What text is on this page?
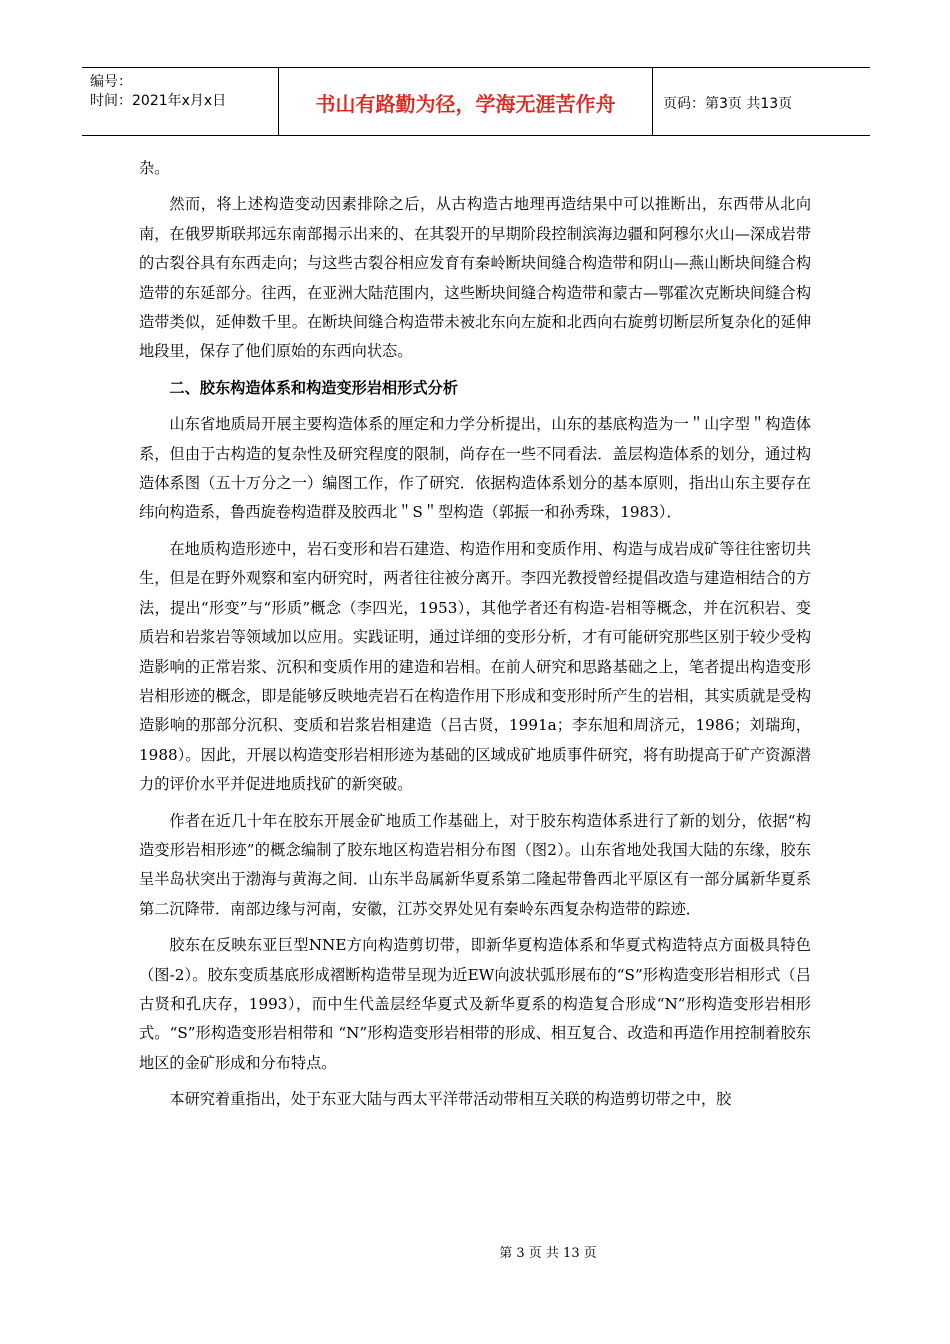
编号：
时间：2021年x月x日	书山有路勤为径，学海无涯苦作舟	页码：第3页 共13页

杂。

然而，将上述构造变动因素排除之后，从古构造古地理再造结果中可以推断出，东西带从北向南，在俄罗斯联邦远东南部揭示出来的、在其裂开的早期阶段控制滨海边疆和阿穆尔火山—深成岩带的古裂谷具有东西走向；与这些古裂谷相应发育有秦岭断块间缝合构造带和阴山—燕山断块间缝合构造带的东延部分。往西，在亚洲大陆范围内，这些断块间缝合构造带和蒙古—鄂霍次克断块间缝合构造带类似，延伸数千里。在断块间缝合构造带未被北东向左旋和北西向右旋剪切断层所复杂化的延伸地段里，保存了他们原始的东西向状态。

二、胶东构造体系和构造变形岩相形式分析

山东省地质局开展主要构造体系的厘定和力学分析提出，山东的基底构造为一＂山字型＂构造体系，但由于古构造的复杂性及研究程度的限制，尚存在一些不同看法．盖层构造体系的划分，通过构造体系图（五十万分之一）编图工作，作了研究．依据构造体系划分的基本原则，指出山东主要存在纬向构造系，鲁西旋卷构造群及胶西北＂S＂型构造（郭振一和孙秀珠，1983）．

在地质构造形迹中，岩石变形和岩石建造、构造作用和变质作用、构造与成岩成矿等往往密切共生，但是在野外观察和室内研究时，两者往往被分离开。李四光教授曾经提倡改造与建造相结合的方法，提出“形变”与“形质”概念（李四光，1953），其他学者还有构造-岩相等概念，并在沉积岩、变质岩和岩浆岩等领域加以应用。实践证明，通过详细的变形分析，才有可能研究那些区别于较少受构造影响的正常岩浆、沉积和变质作用的建造和岩相。在前人研究和思路基础之上，笔者提出构造变形岩相形迹的概念，即是能够反映地壳岩石在构造作用下形成和变形时所产生的岩相，其实质就是受构造影响的那部分沉积、变质和岩浆岩相建造（吕古贤，1991a；李东旭和周济元，1986；刘瑞珣，1988）。因此，开展以构造变形岩相形迹为基础的区域成矿地质事件研究，将有助提高于矿产资源潜力的评价水平并促进地质找矿的新突破。

作者在近几十年在胶东开展金矿地质工作基础上，对于胶东构造体系进行了新的划分，依据“构造变形岩相形迹”的概念编制了胶东地区构造岩相分布图（图2）。山东省地处我国大陆的东缘，胶东呈半岛状突出于渤海与黄海之间．山东半岛属新华夏系第二隆起带鲁西北平原区有一部分属新华夏系第二沉降带．南部边缘与河南，安徽，江苏交界处见有秦岭东西复杂构造带的踪迹．

胶东在反映东亚巨型NNE方向构造剪切带，即新华夏构造体系和华夏式构造特点方面极具特色（图-2）。胶东变质基底形成褶断构造带呈现为近EW向波状弧形展布的“S”形构造变形岩相形式（吕古贤和孔庆存，1993），而中生代盖层经华夏式及新华夏系的构造复合形成“N”形构造变形岩相形式。“S”形构造变形岩相带和 “N”形构造变形岩相带的形成、相互复合、改造和再造作用控制着胶东地区的金矿形成和分布特点。

本研究着重指出，处于东亚大陆与西太平洋带活动带相互关联的构造剪切带之中，胶

第 3 页 共 13 页
